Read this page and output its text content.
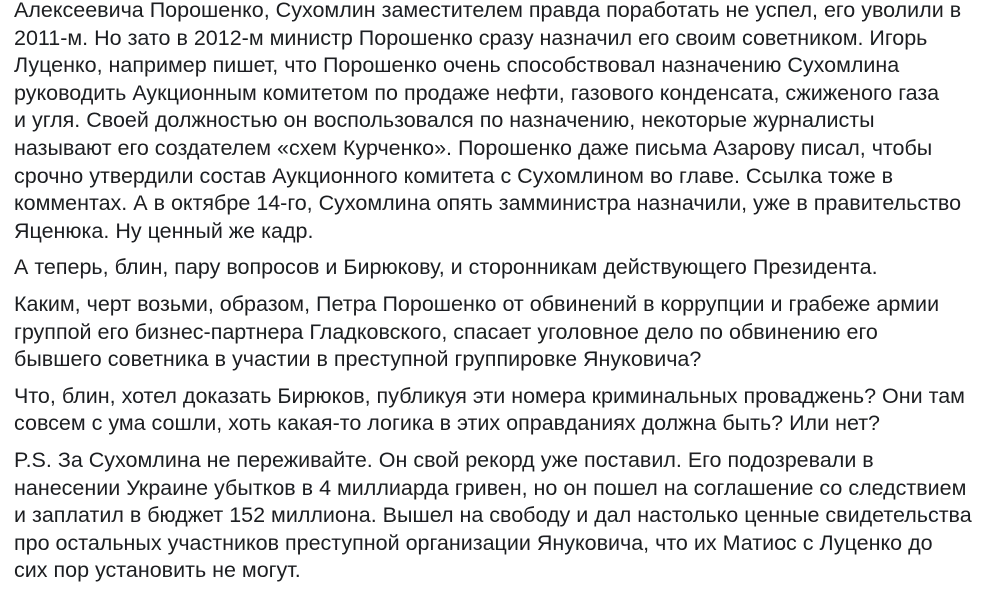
Алексеевича Порошенко, Сухомлин заместителем правда поработать не успел, его уволили в
2011-м. Но зато в 2012-м министр Порошенко сразу назначил его своим советником. Игорь
Луценко, например пишет, что Порошенко очень способствовал назначению Сухомлина
руководить Аукционным комитетом по продаже нефти, газового конденсата, сжиженого газа
и угля. Своей должностью он воспользовался по назначению, некоторые журналисты
называют его создателем «схем Курченко». Порошенко даже письма Азарову писал, чтобы
срочно утвердили состав Аукционного комитета с Сухомлином во главе. Ссылка тоже в
комментах. А в октябре 14-го, Сухомлина опять замминистра назначили, уже в правительство
Яценюка. Ну ценный же кадр.

А теперь, блин, пару вопросов и Бирюкову, и сторонникам действующего Президента.

Каким, черт возьми, образом, Петра Порошенко от обвинений в коррупции и грабеже армии
группой его бизнес-партнера Гладковского, спасает уголовное дело по обвинению его
бывшего советника в участии в преступной группировке Януковича?

Что, блин, хотел доказать Бирюков, публикуя эти номера криминальных проваджень? Они там
совсем с ума сошли, хоть какая-то логика в этих оправданиях должна быть? Или нет?

P.S. За Сухомлина не переживайте. Он свой рекорд уже поставил. Его подозревали в
нанесении Украине убытков в 4 миллиарда гривен, но он пошел на соглашение со следствием
и заплатил в бюджет 152 миллиона. Вышел на свободу и дал настолько ценные свидетельства
про остальных участников преступной организации Януковича, что их Матиос с Луценко до
сих пор установить не могут.
